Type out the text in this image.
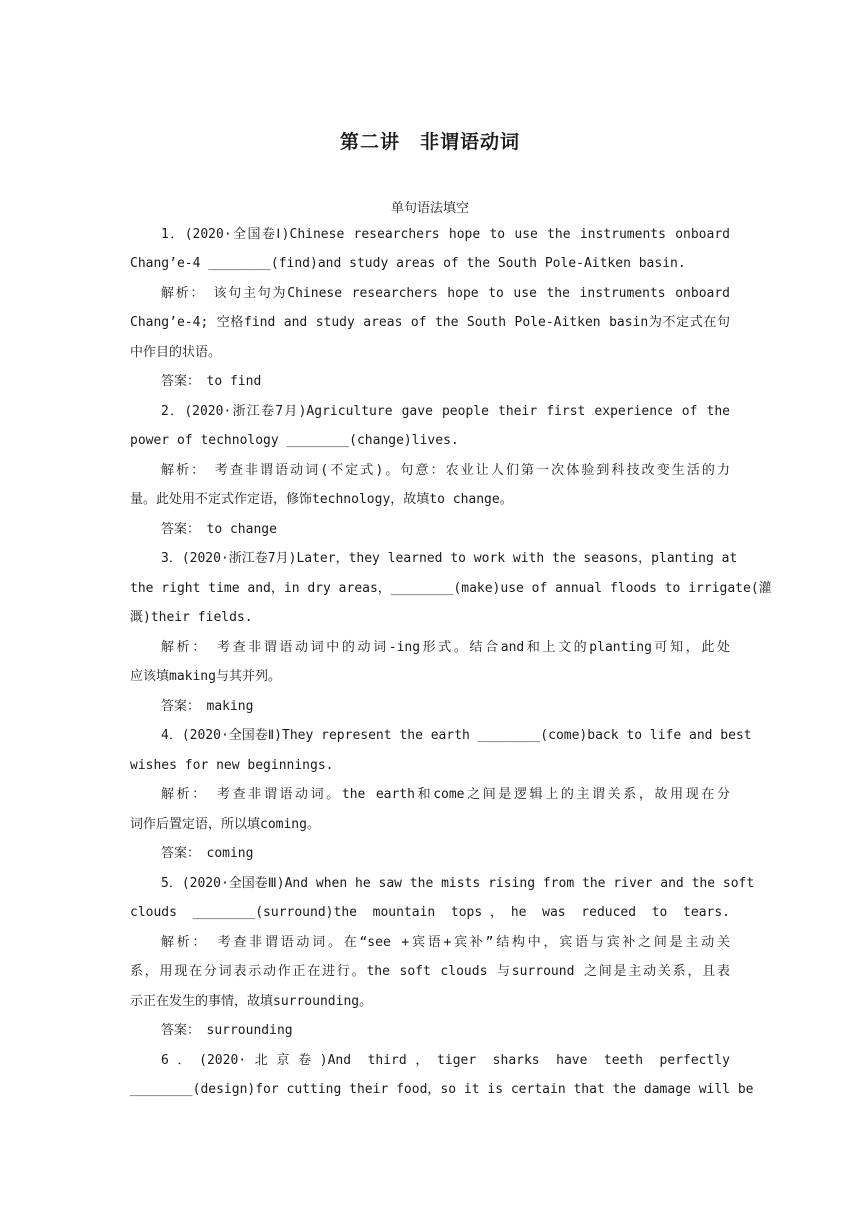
第二讲　非谓语动词
单句语法填空
1．(2020·全国卷Ⅰ)Chinese researchers hope to use the instruments onboard
Chang’e-4 ________(find)and study areas of the South Pole-Aitken basin.
解析：　该句主句为Chinese researchers hope to use the instruments onboard
Chang’e-4; 空格find and study areas of the South Pole-Aitken basin为不定式在句
中作目的状语。
答案：　to find
2．(2020·浙江卷7月)Agriculture gave people their first experience of the
power of technology ________(change)lives.
解析：　考查非谓语动词(不定式)。句意：农业让人们第一次体验到科技改变生活的力
量。此处用不定式作定语，修饰technology，故填to change。
答案：　to change
3．(2020·浙江卷7月)Later，they learned to work with the seasons，planting at
the right time and，in dry areas，________(make)use of annual floods to irrigate(灌
溉)their fields.
解析：　考查非谓语动词中的动词-ing形式。结合and和上文的planting可知，此处
应该填making与其并列。
答案：　making
4．(2020·全国卷Ⅱ)They represent the earth ________(come)back to life and best
wishes for new beginnings.
解析：　考查非谓语动词。the earth和come之间是逻辑上的主谓关系，故用现在分
词作后置定语，所以填coming。
答案：　coming
5．(2020·全国卷Ⅲ)And when he saw the mists rising from the river and the soft
clouds ________(surround)the mountain tops，he was reduced to tears.
解析：　考查非谓语动词。在“see +宾语+宾补”结构中，宾语与宾补之间是主动关
系，用现在分词表示动作正在进行。the soft clouds 与surround 之间是主动关系，且表
示正在发生的事情，故填surrounding。
答案：　surrounding
6．(2020·北京卷)And third，tiger sharks have teeth perfectly
________(design)for cutting their food，so it is certain that the damage will be
